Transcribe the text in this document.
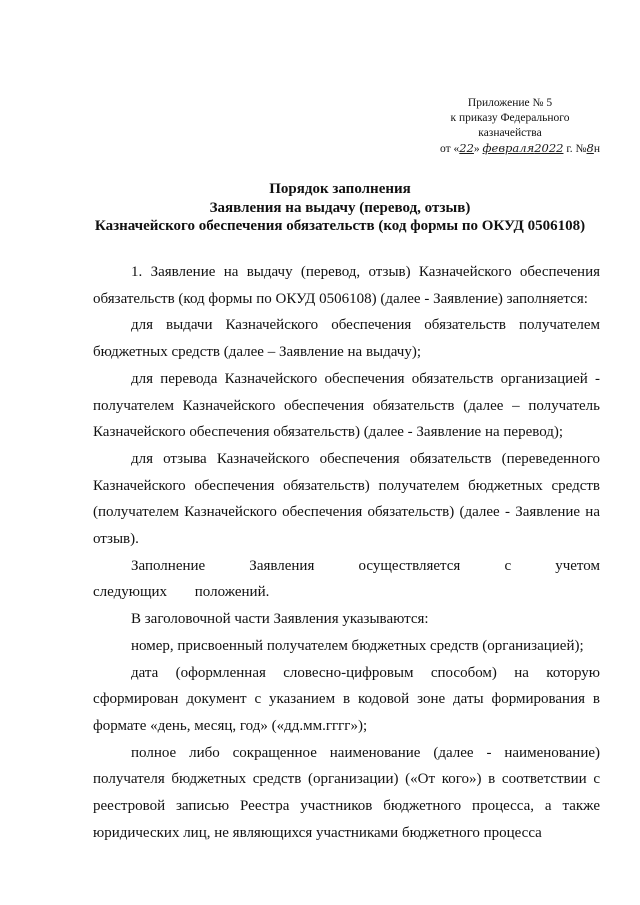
Приложение № 5
к приказу Федерального
казначейства
от «22» февраля2022 г. №8н
Порядок заполнения
Заявления на выдачу (перевод, отзыв)
Казначейского обеспечения обязательств (код формы по ОКУД 0506108)

1. Заявление на выдачу (перевод, отзыв) Казначейского обеспечения обязательств (код формы по ОКУД 0506108) (далее - Заявление) заполняется:

для выдачи Казначейского обеспечения обязательств получателем бюджетных средств (далее – Заявление на выдачу);

для перевода Казначейского обеспечения обязательств организацией - получателем Казначейского обеспечения обязательств (далее – получатель Казначейского обеспечения обязательств) (далее - Заявление на перевод);

для отзыва Казначейского обеспечения обязательств (переведенного Казначейского обеспечения обязательств) получателем бюджетных средств (получателем Казначейского обеспечения обязательств) (далее - Заявление на отзыв).

Заполнение Заявления осуществляется с учетом следующих положений.

В заголовочной части Заявления указываются:

номер, присвоенный получателем бюджетных средств (организацией);

дата (оформленная словесно-цифровым способом) на которую сформирован документ с указанием в кодовой зоне даты формирования в формате «день, месяц, год» («дд.мм.гггг»);

полное либо сокращенное наименование (далее - наименование) получателя бюджетных средств (организации) («От кого») в соответствии с реестровой записью Реестра участников бюджетного процесса, а также юридических лиц, не являющихся участниками бюджетного процесса
